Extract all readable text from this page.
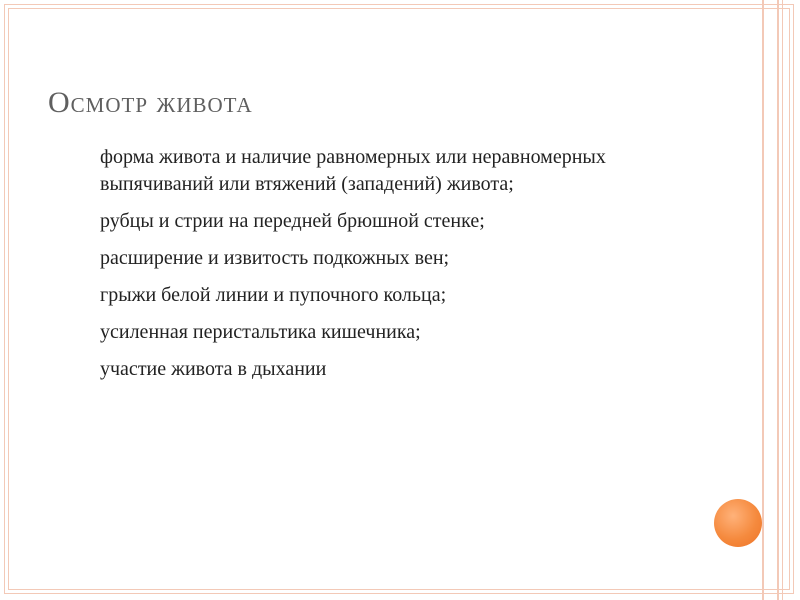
Осмотр живота
форма живота и наличие равномерных или неравномерных выпячиваний или втяжений (западений) живота;
рубцы и стрии на передней брюшной стенке;
расширение и извитость подкожных вен;
грыжи белой линии и пупочного кольца;
усиленная перистальтика кишечника;
участие живота в дыхании
